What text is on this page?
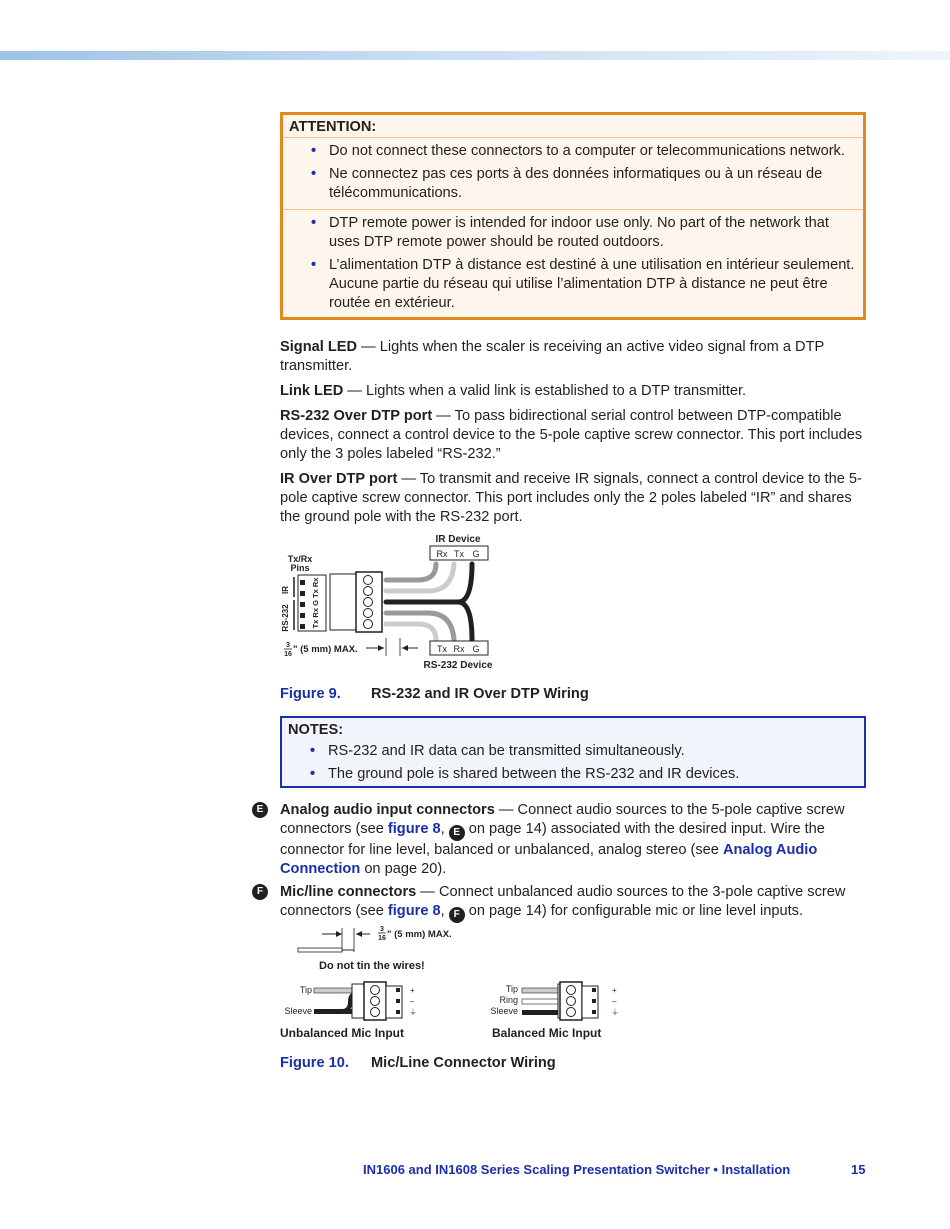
ATTENTION:
• Do not connect these connectors to a computer or telecommunications network.
• Ne connectez pas ces ports à des données informatiques ou à un réseau de télécommunications.
• DTP remote power is intended for indoor use only. No part of the network that uses DTP remote power should be routed outdoors.
• L’alimentation DTP à distance est destiné à une utilisation en intérieur seulement. Aucune partie du réseau qui utilise l’alimentation DTP à distance ne peut être routée en extérieur.

Signal LED — Lights when the scaler is receiving an active video signal from a DTP transmitter.

Link LED — Lights when a valid link is established to a DTP transmitter.

RS-232 Over DTP port — To pass bidirectional serial control between DTP-compatible devices, connect a control device to the 5-pole captive screw connector. This port includes only the 3 poles labeled “RS-232.”

IR Over DTP port — To transmit and receive IR signals, connect a control device to the 5-pole captive screw connector. This port includes only the 2 poles labeled “IR” and shares the ground pole with the RS-232 port.

IR Device
Rx Tx G
Tx/Rx
Pins
IR
RS-232	Tx Rx G Tx Rx
Tx Rx G
RS-232 Device
3
16 " (5 mm) MAX.
Figure 9. RS-232 and IR Over DTP Wiring
NOTES:
• RS-232 and IR data can be transmitted simultaneously.
• The ground pole is shared between the RS-232 and IR devices.
E	Analog audio input connectors — Connect audio sources to the 5-pole captive screw connectors (see figure 8, E on page 14) associated with the desired input. Wire the connector for line level, balanced or unbalanced, analog stereo (see Analog Audio Connection on page 20).

F	Mic/line connectors — Connect unbalanced audio sources to the 3-pole captive screw connectors (see figure 8, F on page 14) for configurable mic or line level inputs.

3
16 " (5 mm) MAX.
Do not tin the wires!
Tip
Sleeve
+
–
⏚
Unbalanced Mic Input
Tip
Ring
Sleeve
+
–
⏚
Balanced Mic Input
Figure 10. Mic/Line Connector Wiring
IN1606 and IN1608 Series Scaling Presentation Switcher • Installation	15
